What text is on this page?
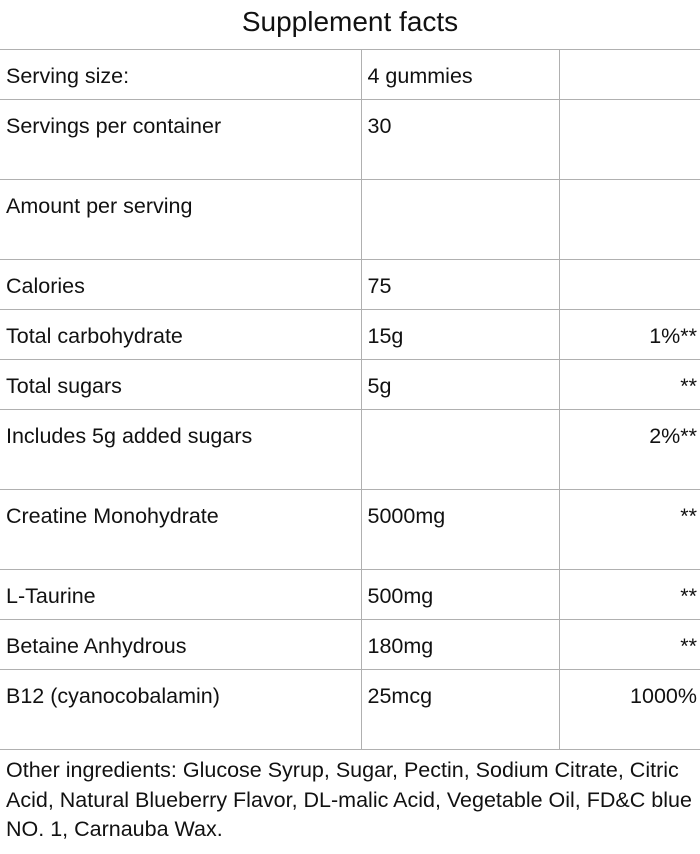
Supplement facts
Serving size:	4 gummies	
Servings per container	30	
Amount per serving		
Calories	75	
Total carbohydrate	15g	1%**
Total sugars	5g	**
Includes 5g added sugars		2%**
Creatine Monohydrate	5000mg	**
L-Taurine	500mg	**
Betaine Anhydrous	180mg	**
B12 (cyanocobalamin)	25mcg	1000%
Other ingredients: Glucose Syrup, Sugar, Pectin, Sodium Citrate, Citric Acid, Natural Blueberry Flavor, DL-malic Acid, Vegetable Oil, FD&C blue NO. 1, Carnauba Wax.
